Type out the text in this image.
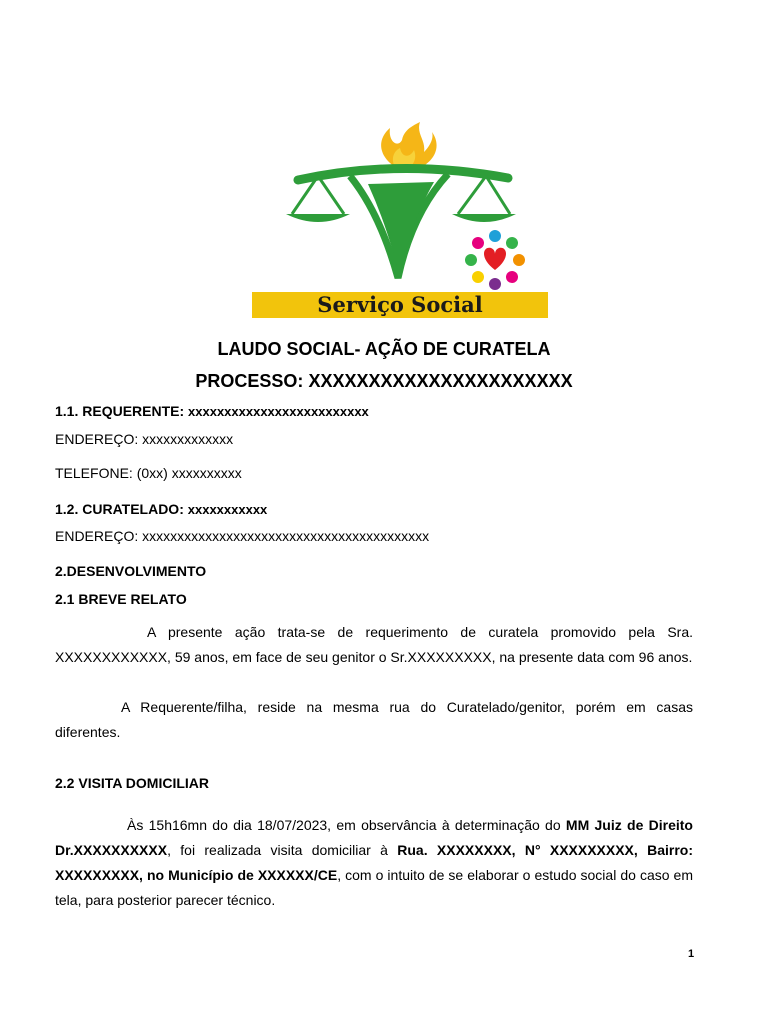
Serviço Social
LAUDO SOCIAL- AÇÃO DE CURATELA
PROCESSO: XXXXXXXXXXXXXXXXXXXXXX
1.1. REQUERENTE: xxxxxxxxxxxxxxxxxxxxxxxxx
ENDEREÇO: xxxxxxxxxxxxx
TELEFONE: (0xx) xxxxxxxxxx
1.2. CURATELADO: xxxxxxxxxxx
ENDEREÇO: xxxxxxxxxxxxxxxxxxxxxxxxxxxxxxxxxxxxxxxxx
2.DESENVOLVIMENTO
2.1 BREVE RELATO

A presente ação trata-se de requerimento de curatela promovido pela Sra. XXXXXXXXXXXX, 59 anos, em face de seu genitor o Sr.XXXXXXXXX, na presente data com 96 anos.

A Requerente/filha, reside na mesma rua do Curatelado/genitor, porém em casas diferentes.

2.2 VISITA DOMICILIAR

Às 15h16mn do dia 18/07/2023, em observância à determinação do MM Juiz de Direito Dr.XXXXXXXXXX, foi realizada visita domiciliar à Rua. XXXXXXXX, N° XXXXXXXXX, Bairro: XXXXXXXXX, no Município de XXXXXX/CE, com o intuito de se elaborar o estudo social do caso em tela, para posterior parecer técnico.

1
